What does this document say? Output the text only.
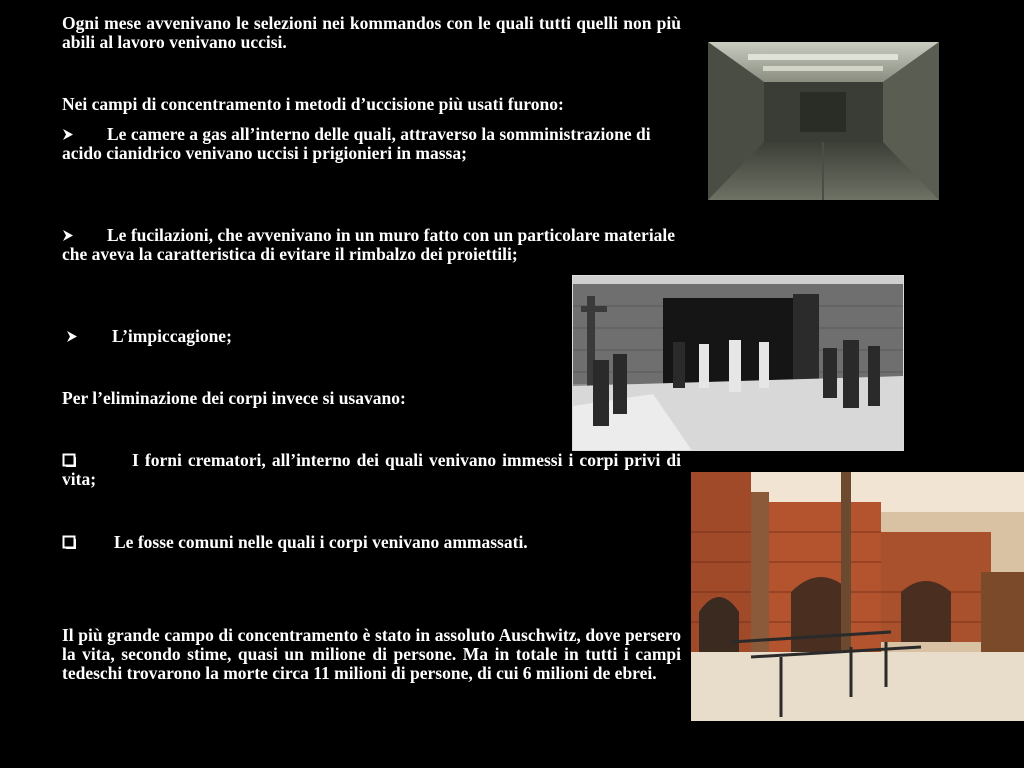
Ogni mese avvenivano le selezioni nei kommandos con le quali tutti quelli non più abili al lavoro venivano uccisi.

Nei campi di concentramento i metodi d’uccisione più usati furono:

Le camere a gas all’interno delle quali, attraverso la somministrazione di acido cianidrico venivano uccisi i prigionieri in massa;
Le fucilazioni, che avvenivano in un muro fatto con un particolare materiale che aveva la caratteristica di evitare il rimbalzo dei proiettili;
L’impiccagione;

Per l’eliminazione dei corpi invece si usavano:

I forni crematori, all’interno dei quali venivano immessi i corpi privi di vita;
Le fosse comuni nelle quali i corpi venivano ammassati.

Il più grande campo di concentramento è stato in assoluto Auschwitz, dove persero la vita, secondo stime, quasi un milione di persone. Ma in totale in tutti i campi tedeschi trovarono la morte circa 11 milioni di persone, di cui 6 milioni de ebrei.
